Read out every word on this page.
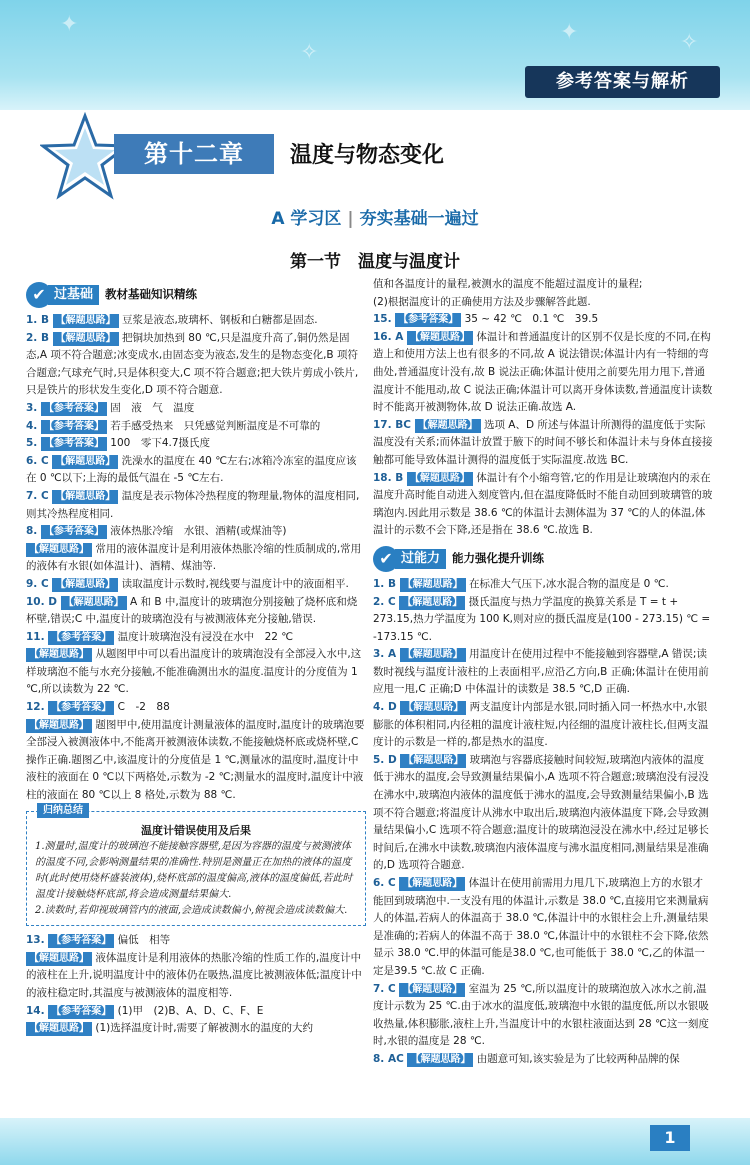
✦
✧
✦	✧
参考答案与解析
第十二章	温度与物态变化
A 学习区 | 夯实基础一遍过
第一节　温度与温度计
✔ 过基础	教材基础知识精练

1. B 【解题思路】 豆浆是液态,玻璃杯、钢板和白糖都是固态.

2. B 【解题思路】 把铜块加热到 80 ℃,只是温度升高了,铜仍然是固态,A 项不符合题意;冰变成水,由固态变为液态,发生的是物态变化,B 项符合题意;气球充气时,只是体积变大,C 项不符合题意;把大铁片剪成小铁片,只是铁片的形状发生变化,D 项不符合题意.

3. 【参考答案】 固　液　气　温度

4. 【参考答案】 若手感受热来　只凭感觉判断温度是不可靠的

5. 【参考答案】 100　零下4.7摄氏度

6. C 【解题思路】 洗澡水的温度在 40 ℃左右;冰箱冷冻室的温度应该在 0 ℃以下;上海的最低气温在 -5 ℃左右.

7. C 【解题思路】 温度是表示物体冷热程度的物理量,物体的温度相同,则其冷热程度相同.

8. 【参考答案】 液体热胀冷缩　水银、酒精(或煤油等)

【解题思路】 常用的液体温度计是利用液体热胀冷缩的性质制成的,常用的液体有水银(如体温计)、酒精、煤油等.

9. C 【解题思路】 读取温度计示数时,视线要与温度计中的液面相平.

10. D 【解题思路】 A 和 B 中,温度计的玻璃泡分别接触了烧杯底和烧杯壁,错误;C 中,温度计的玻璃泡没有与被测液体充分接触,错误.

11. 【参考答案】 温度计玻璃泡没有浸没在水中　22 ℃

【解题思路】 从题图甲中可以看出温度计的玻璃泡没有全部浸入水中,这样玻璃泡不能与水充分接触,不能准确测出水的温度.温度计的分度值为 1 ℃,所以读数为 22 ℃.

12. 【参考答案】 C　-2　88

【解题思路】 题图甲中,使用温度计测量液体的温度时,温度计的玻璃泡要全部浸入被测液体中,不能离开被测液体读数,不能接触烧杯底或烧杯壁,C 操作正确.题图乙中,该温度计的分度值是 1 ℃,测量冰的温度时,温度计中液柱的液面在 0 ℃以下两格处,示数为 -2 ℃;测量水的温度时,温度计中液柱的液面在 80 ℃以上 8 格处,示数为 88 ℃.

归纳总结
温度计错误使用及后果

1.测量时,温度计的玻璃泡不能接触容器壁,是因为容器的温度与被测液体的温度不同,会影响测量结果的准确性.特别是测量正在加热的液体的温度时(此时使用烧杯盛装液体),烧杯底部的温度偏高,液体的温度偏低,若此时温度计接触烧杯底部,将会造成测量结果偏大.

2.读数时,若仰视玻璃管内的液面,会造成读数偏小,俯视会造成读数偏大.

13. 【参考答案】 偏低　相等

【解题思路】 液体温度计是利用液体的热胀冷缩的性质工作的,温度计中的液柱在上升,说明温度计中的液体仍在吸热,温度比被测液体低;温度计中的液柱稳定时,其温度与被测液体的温度相等.

14. 【参考答案】 (1)甲　(2)B、A、D、C、F、E

【解题思路】 (1)选择温度计时,需要了解被测水的温度的大约

值和各温度计的量程,被测水的温度不能超过温度计的量程;

(2)根据温度计的正确使用方法及步骤解答此题.

15. 【参考答案】 35 ~ 42 ℃　0.1 ℃　39.5

16. A 【解题思路】 体温计和普通温度计的区别不仅是长度的不同,在构造上和使用方法上也有很多的不同,故 A 说法错误;体温计内有一特细的弯曲处,普通温度计没有,故 B 说法正确;体温计使用之前要先用力甩下,普通温度计不能甩动,故 C 说法正确;体温计可以离开身体读数,普通温度计读数时不能离开被测物体,故 D 说法正确.故选 A.

17. BC 【解题思路】 选项 A、D 所述与体温计所测得的温度低于实际温度没有关系;而体温计放置于腋下的时间不够长和体温计未与身体直接接触都可能导致体温计测得的温度低于实际温度.故选 BC.

18. B 【解题思路】 体温计有个小缩弯管,它的作用是让玻璃泡内的汞在温度升高时能自动进入刻度管内,但在温度降低时不能自动回到玻璃管的玻璃泡内.因此用示数是 38.6 ℃的体温计去测体温为 37 ℃的人的体温,体温计的示数不会下降,还是指在 38.6 ℃.故选 B.

✔ 过能力	能力强化提升训练

1. B 【解题思路】 在标准大气压下,冰水混合物的温度是 0 ℃.

2. C 【解题思路】 摄氏温度与热力学温度的换算关系是 T = t + 273.15,热力学温度为 100 K,则对应的摄氏温度是(100 - 273.15) ℃ = -173.15 ℃.

3. A 【解题思路】 用温度计在使用过程中不能接触到容器壁,A 错误;读数时视线与温度计液柱的上表面相平,应沿乙方向,B 正确;体温计在使用前应甩一甩,C 正确;D 中体温计的读数是 38.5 ℃,D 正确.

4. D 【解题思路】 两支温度计内部是水银,同时插入同一杯热水中,水银膨胀的体积相同,内径粗的温度计液柱短,内径细的温度计液柱长,但两支温度计的示数是一样的,都是热水的温度.

5. D 【解题思路】 玻璃泡与容器底接触时间较短,玻璃泡内液体的温度低于沸水的温度,会导致测量结果偏小,A 选项不符合题意;玻璃泡没有浸没在沸水中,玻璃泡内液体的温度低于沸水的温度,会导致测量结果偏小,B 选项不符合题意;将温度计从沸水中取出后,玻璃泡内液体温度下降,会导致测量结果偏小,C 选项不符合题意;温度计的玻璃泡浸没在沸水中,经过足够长时间后,在沸水中读数,玻璃泡内液体温度与沸水温度相同,测量结果是准确的,D 选项符合题意.

6. C 【解题思路】 体温计在使用前需用力甩几下,玻璃泡上方的水银才能回到玻璃泡中.一支没有甩的体温计,示数是 38.0 ℃,直接用它来测量病人的体温,若病人的体温高于 38.0 ℃,体温计中的水银柱会上升,测量结果是准确的;若病人的体温不高于 38.0 ℃,体温计中的水银柱不会下降,依然显示 38.0 ℃.甲的体温可能是38.0 ℃,也可能低于 38.0 ℃,乙的体温一定是39.5 ℃.故 C 正确.

7. C 【解题思路】 室温为 25 ℃,所以温度计的玻璃泡放入冰水之前,温度计示数为 25 ℃.由于冰水的温度低,玻璃泡中水银的温度低,所以水银吸收热量,体积膨胀,液柱上升,当温度计中的水银柱液面达到 28 ℃这一刻度时,水银的温度是 28 ℃.

8. AC 【解题思路】 由题意可知,该实验是为了比较两种品牌的保

1
